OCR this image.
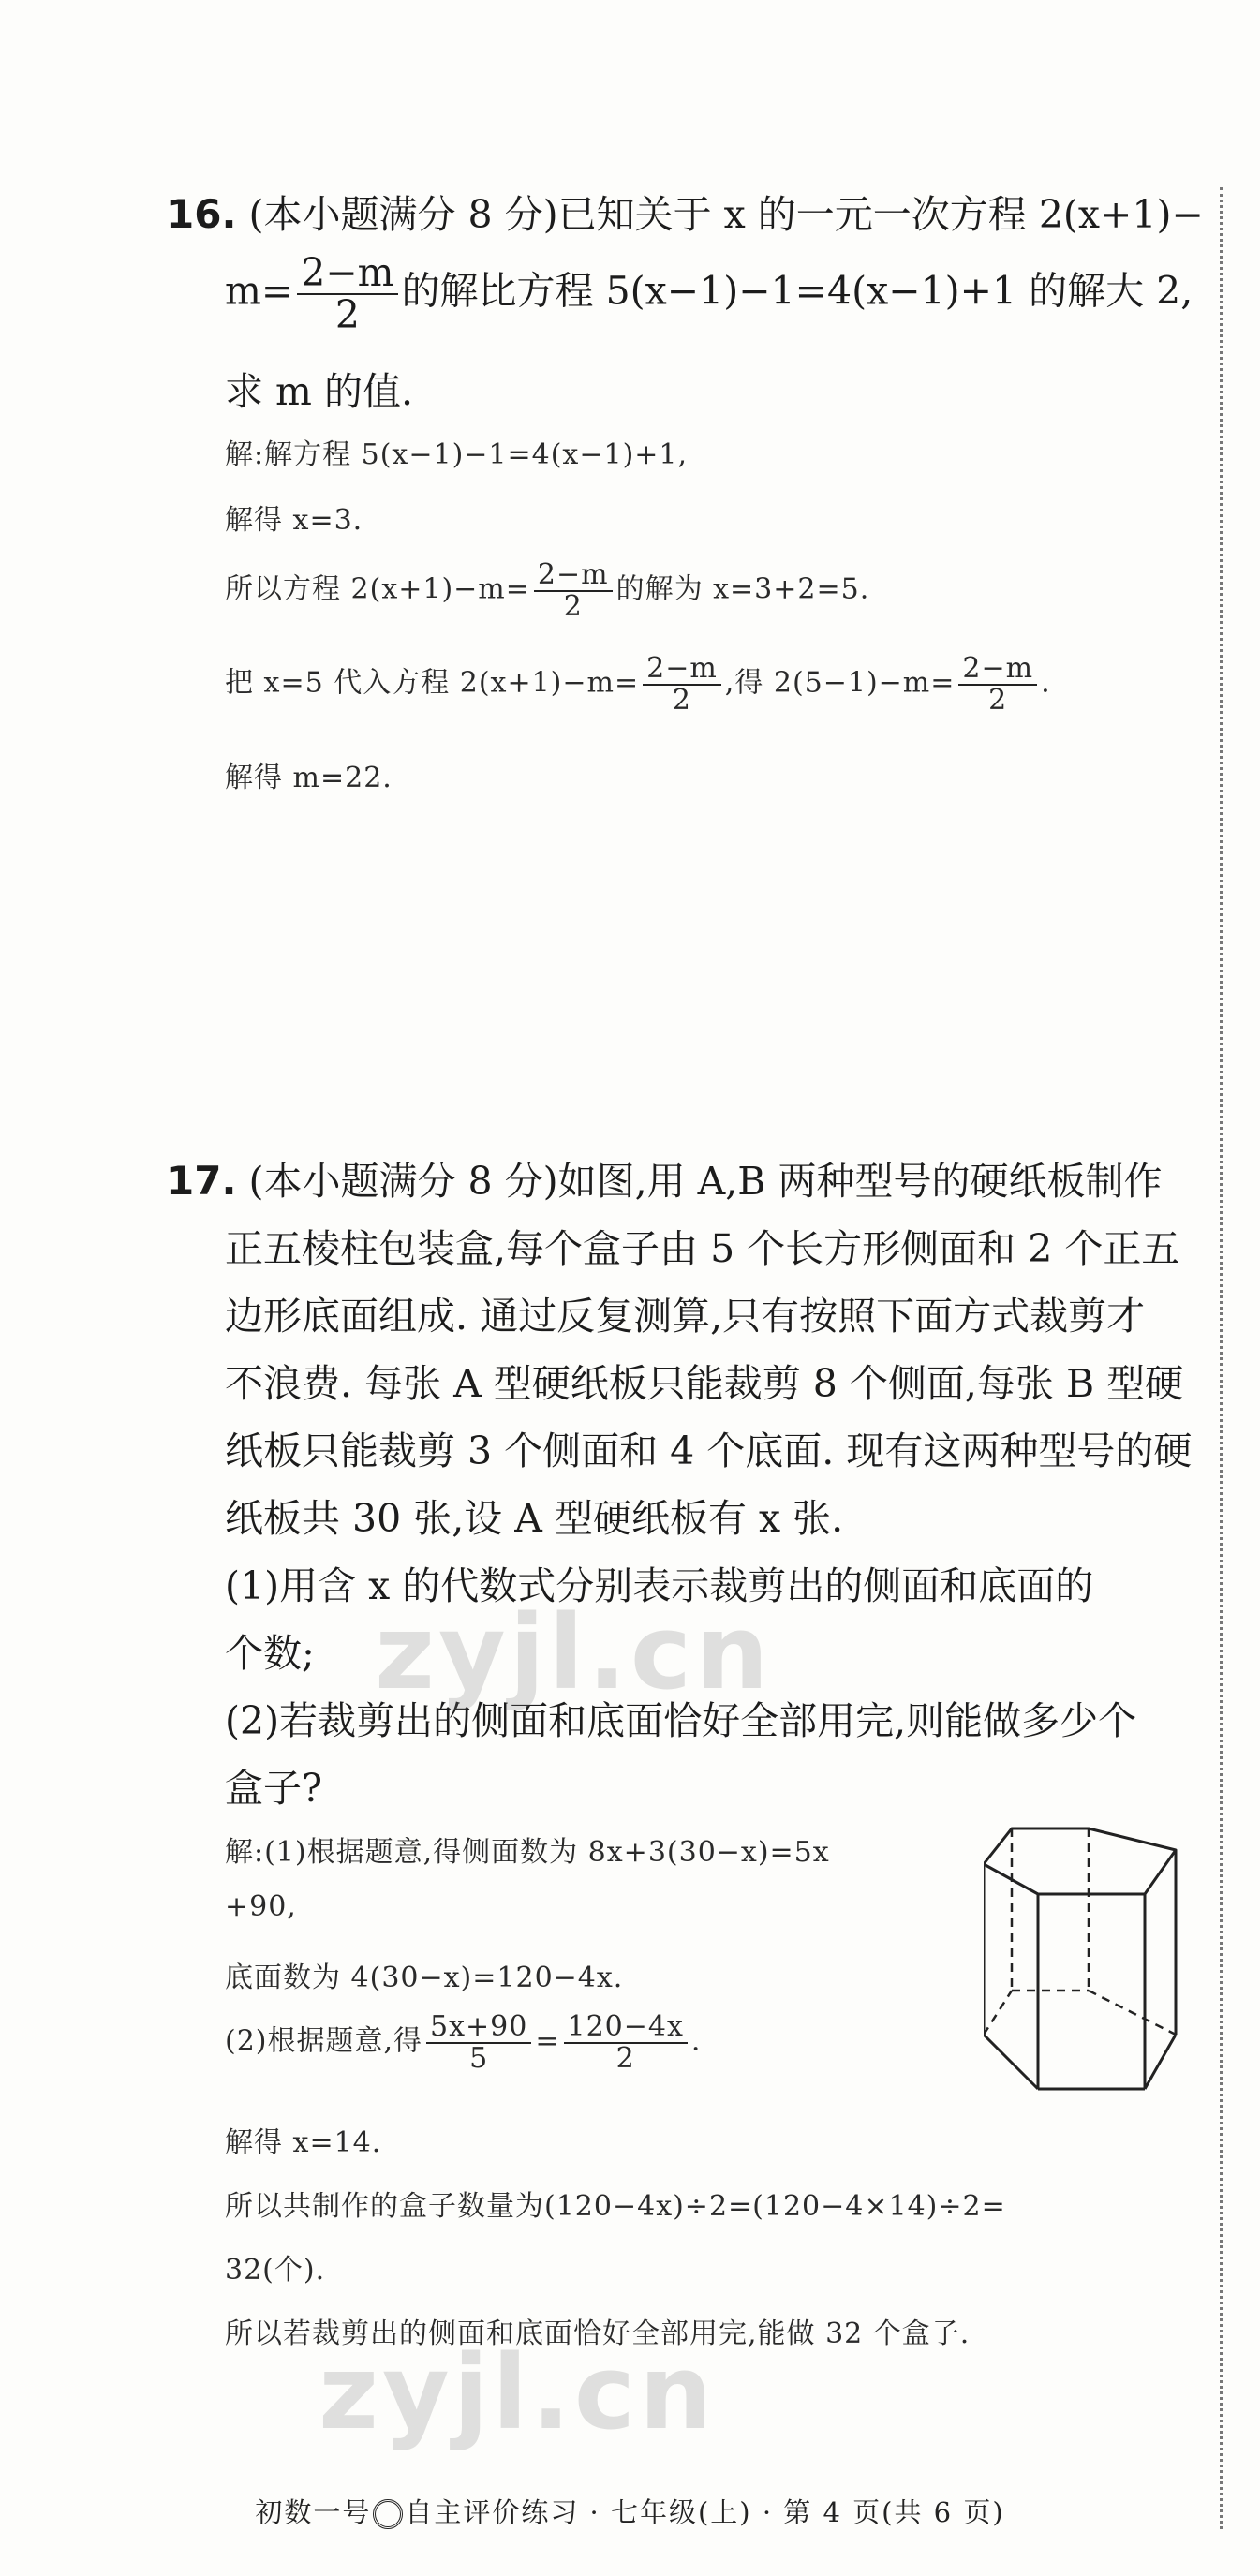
16. (本小题满分 8 分)已知关于 x 的一元一次方程 2(x+1)−
$m= \frac{2-m}{2}$ 的解比方程 5(x−1)−1=4(x−1)+1 的解大 2,
求 m 的值.
解:解方程 5(x−1)−1=4(x−1)+1,
解得 x=3.
所以方程 $2(x+1)-m= \frac{2-m}{2}$ 的解为 x=3+2=5.
把 x=5 代入方程 $2(x+1)-m= \frac{2-m}{2}$ ,得 $2(5-1)-m= \frac{2-m}{2}$ .
解得 m=22.
17. (本小题满分 8 分)如图,用 A,B 两种型号的硬纸板制作
正五棱柱包装盒,每个盒子由 5 个长方形侧面和 2 个正五
边形底面组成. 通过反复测算,只有按照下面方式裁剪才
不浪费. 每张 A 型硬纸板只能裁剪 8 个侧面,每张 B 型硬
纸板只能裁剪 3 个侧面和 4 个底面. 现有这两种型号的硬
纸板共 30 张,设 A 型硬纸板有 x 张.
(1)用含 x 的代数式分别表示裁剪出的侧面和底面的
个数;
(2)若裁剪出的侧面和底面恰好全部用完,则能做多少个
盒子?
解:(1)根据题意,得侧面数为 8x+3(30−x)=5x
+90,
底面数为 4(30−x)=120−4x.
(2)根据题意,得 $\frac{5x+90}{5} = \frac{120-4x}{2}$ .
解得 x=14.
所以共制作的盒子数量为(120−4x)÷2=(120−4×14)÷2=
32(个).
所以若裁剪出的侧面和底面恰好全部用完,能做 32 个盒子.
zyjl.cn
zyjl.cn
初数一号 ○ 自主评价练习 · 七年级(上) · 第 4 页(共 6 页)
